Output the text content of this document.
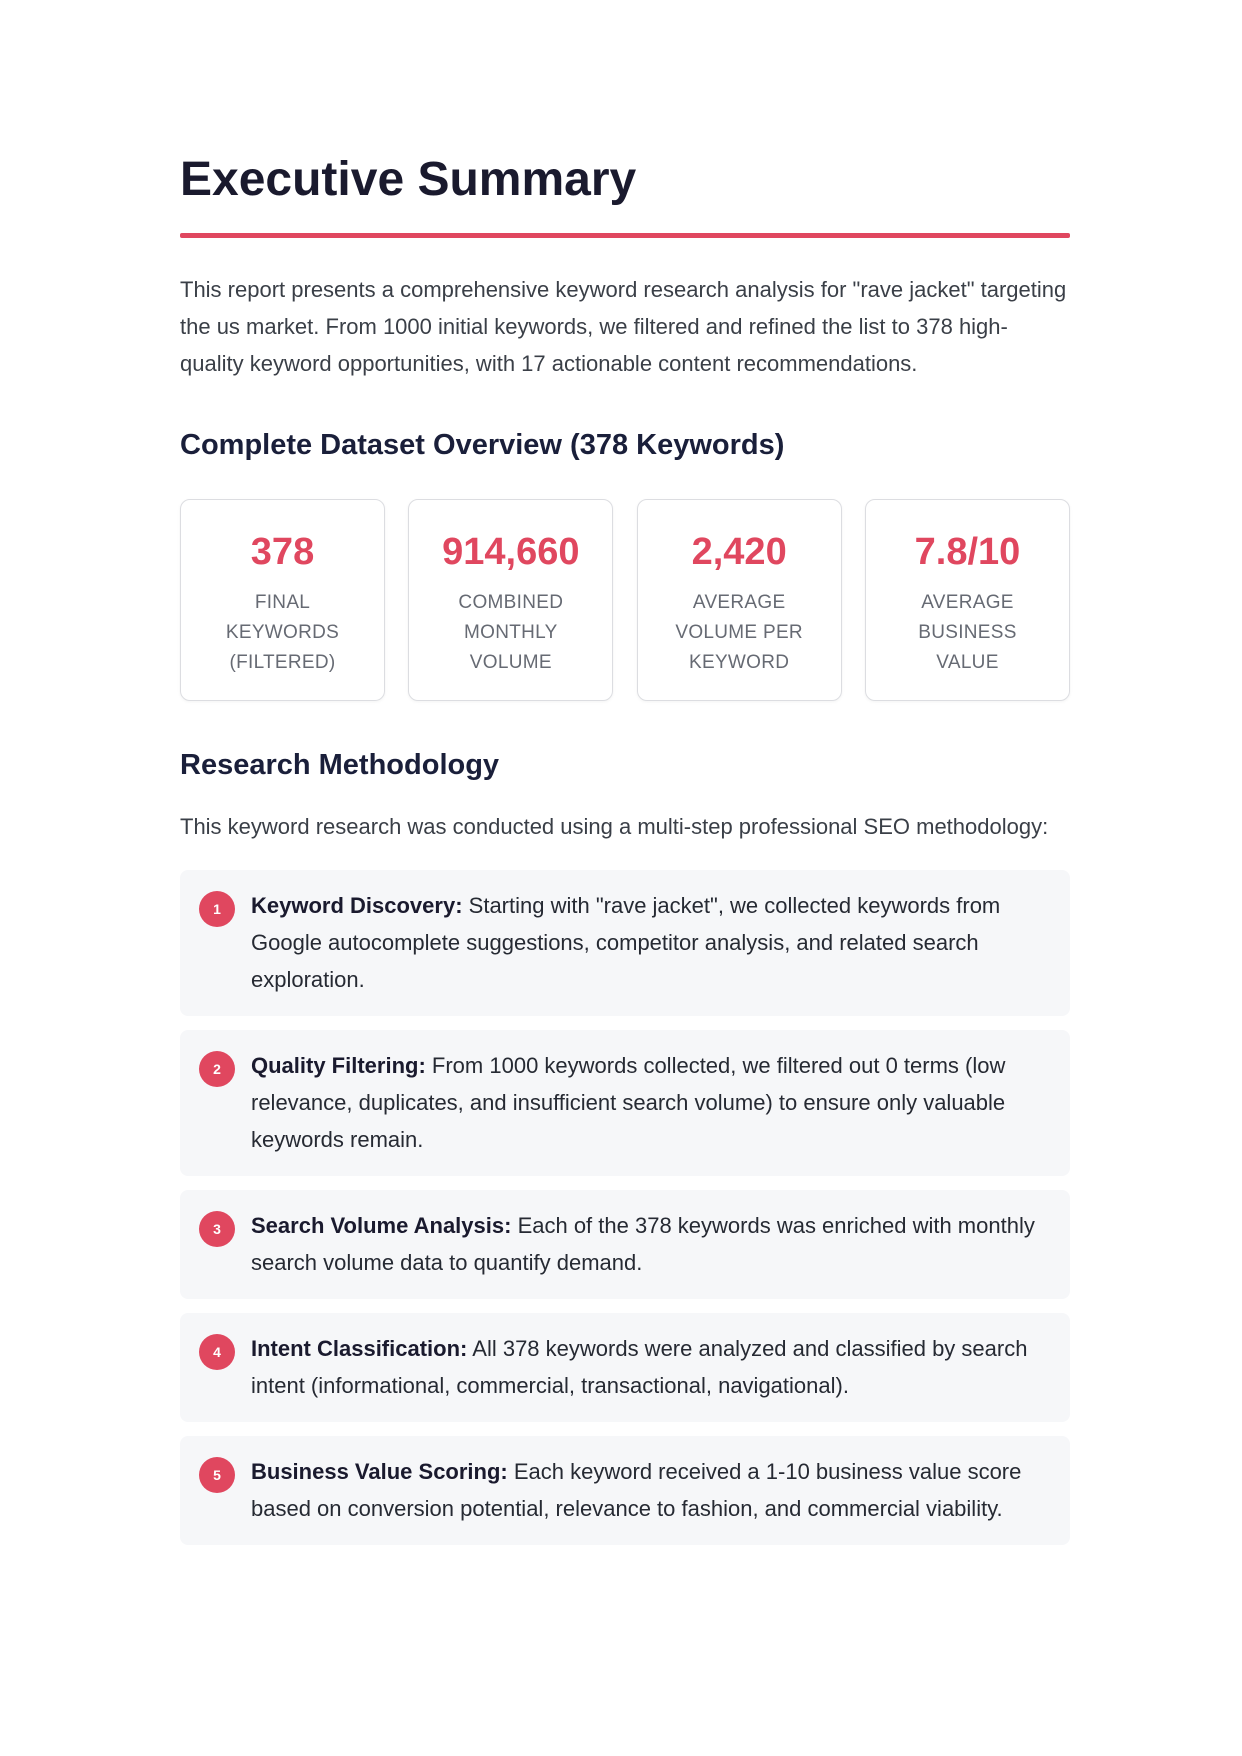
Executive Summary

This report presents a comprehensive keyword research analysis for "rave jacket" targeting the us market. From 1000 initial keywords, we filtered and refined the list to 378 high-quality keyword opportunities, with 17 actionable content recommendations.

Complete Dataset Overview (378 Keywords)
378
FINAL KEYWORDS (FILTERED)
914,660
COMBINED MONTHLY VOLUME
2,420
AVERAGE VOLUME PER KEYWORD
7.8/10
AVERAGE BUSINESS VALUE
Research Methodology

This keyword research was conducted using a multi-step professional SEO methodology:

1	Keyword Discovery: Starting with "rave jacket", we collected keywords from Google autocomplete suggestions, competitor analysis, and related search exploration.
2	Quality Filtering: From 1000 keywords collected, we filtered out 0 terms (low relevance, duplicates, and insufficient search volume) to ensure only valuable keywords remain.
3	Search Volume Analysis: Each of the 378 keywords was enriched with monthly search volume data to quantify demand.
4	Intent Classification: All 378 keywords were analyzed and classified by search intent (informational, commercial, transactional, navigational).
5	Business Value Scoring: Each keyword received a 1-10 business value score based on conversion potential, relevance to fashion, and commercial viability.
